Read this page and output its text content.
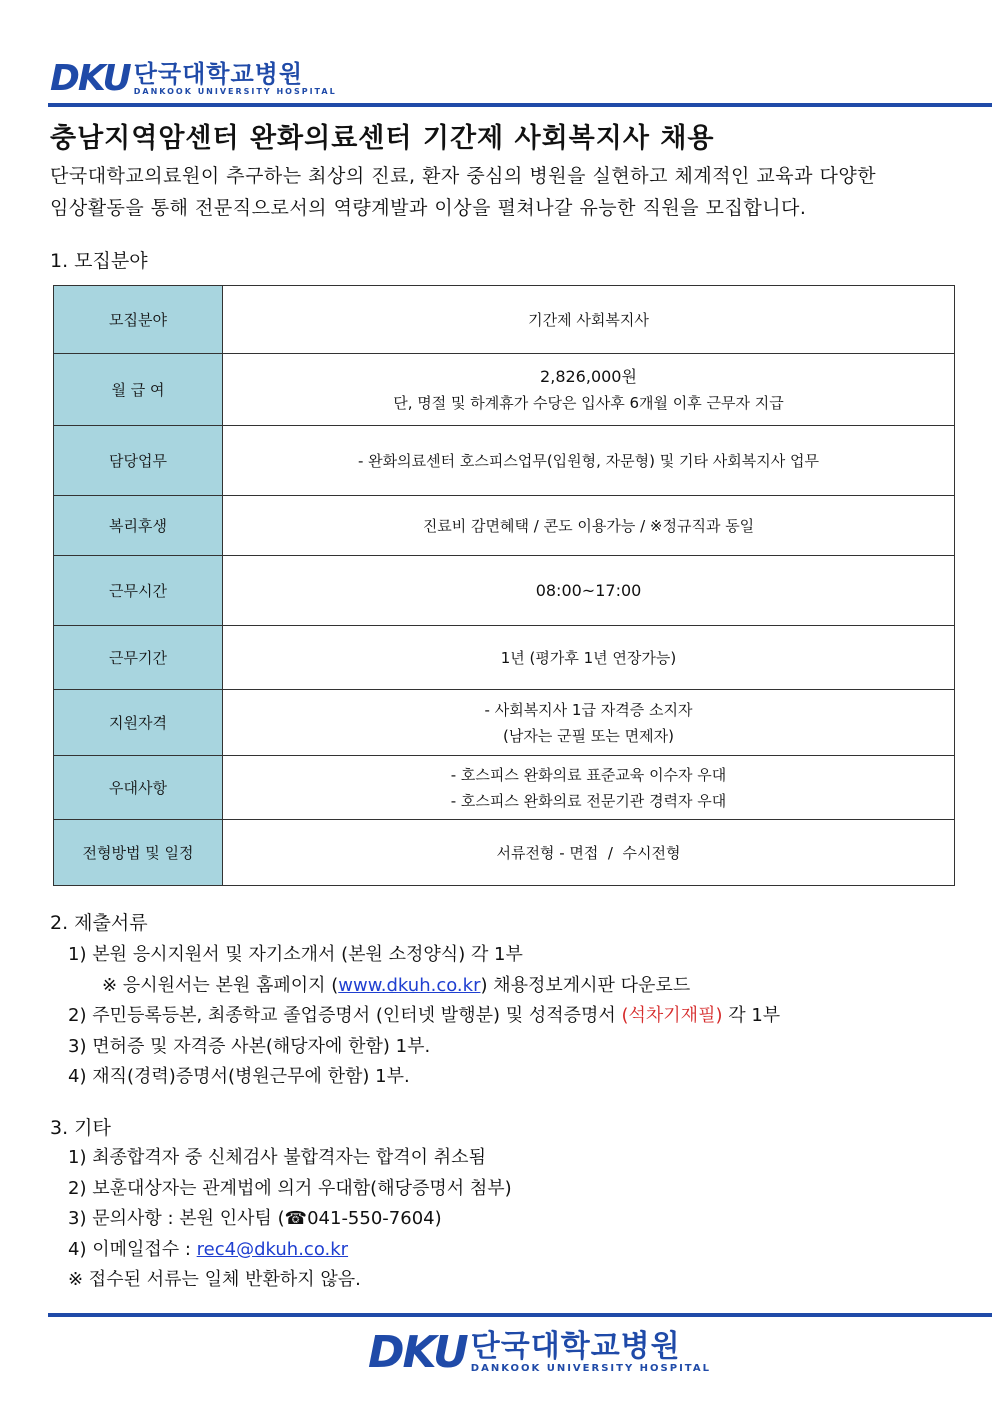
DKU 단국대학교병원
DANKOOK UNIVERSITY HOSPITAL
충남지역암센터 완화의료센터 기간제 사회복지사 채용
단국대학교의료원이 추구하는 최상의 진료, 환자 중심의 병원을 실현하고 체계적인 교육과 다양한
임상활동을 통해 전문직으로서의 역량계발과 이상을 펼쳐나갈 유능한 직원을 모집합니다.
1. 모집분야
모집분야	기간제 사회복지사

월 급 여	2,826,000원
단, 명절 및 하계휴가 수당은 입사후 6개월 이후 근무자 지급

담당업무	- 완화의료센터 호스피스업무(입원형, 자문형) 및 기타 사회복지사 업무

복리후생	진료비 감면혜택 / 콘도 이용가능 / ※정규직과 동일

근무시간	08:00~17:00

근무기간	1년 (평가후 1년 연장가능)

지원자격	- 사회복지사 1급 자격증 소지자
(남자는 군필 또는 면제자)

우대사항	- 호스피스 완화의료 표준교육 이수자 우대
- 호스피스 완화의료 전문기관 경력자 우대

전형방법 및 일정	서류전형 - 면접  /  수시전형
2. 제출서류
1) 본원 응시지원서 및 자기소개서 (본원 소정양식) 각 1부
※ 응시원서는 본원 홈페이지 (www.dkuh.co.kr) 채용정보게시판 다운로드
2) 주민등록등본, 최종학교 졸업증명서 (인터넷 발행분) 및 성적증명서 (석차기재필) 각 1부
3) 면허증 및 자격증 사본(해당자에 한함) 1부.
4) 재직(경력)증명서(병원근무에 한함) 1부.
3. 기타
1) 최종합격자 중 신체검사 불합격자는 합격이 취소됨
2) 보훈대상자는 관계법에 의거 우대함(해당증명서 첨부)
3) 문의사항 : 본원 인사팀 (☎041-550-7604)
4) 이메일접수 : rec4@dkuh.co.kr
※ 접수된 서류는 일체 반환하지 않음.
DKU 단국대학교병원
DANKOOK UNIVERSITY HOSPITAL
